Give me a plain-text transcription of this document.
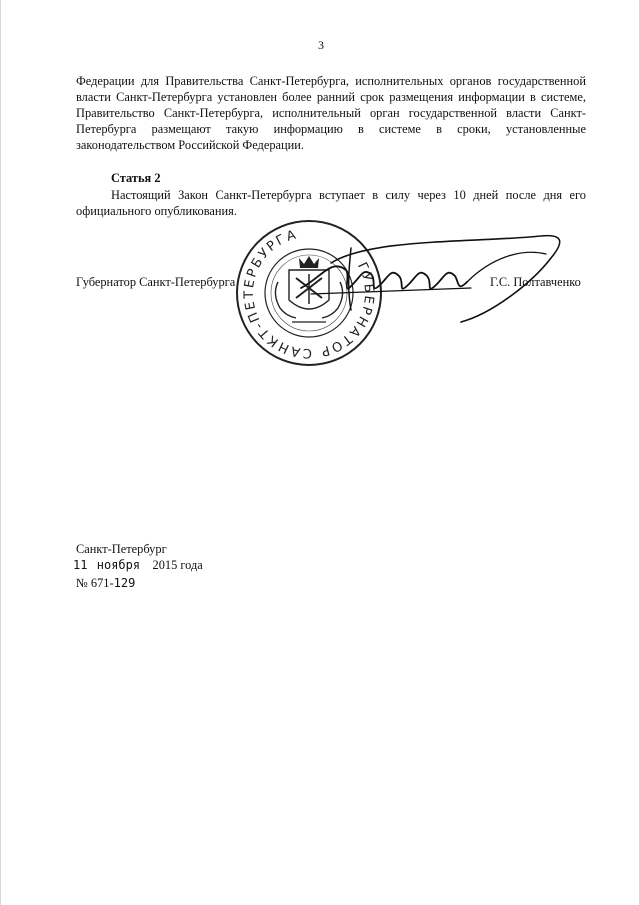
3
Федерации для Правительства Санкт-Петербурга, исполнительных органов государственной власти Санкт-Петербурга установлен более ранний срок размещения информации в системе, Правительство Санкт-Петербурга, исполнительный орган государственной власти Санкт-Петербурга размещают такую информацию в системе в сроки, установленные законодательством Российской Федерации.
Статья 2
Настоящий Закон Санкт-Петербурга вступает в силу через 10 дней после дня его официального опубликования.
ГУБЕРНАТОР САНКТ-ПЕТЕРБУРГА
Губернатор Санкт-Петербурга	Г.С. Полтавченко
Санкт-Петербург
11 ноября 2015 года
№ 671-129
